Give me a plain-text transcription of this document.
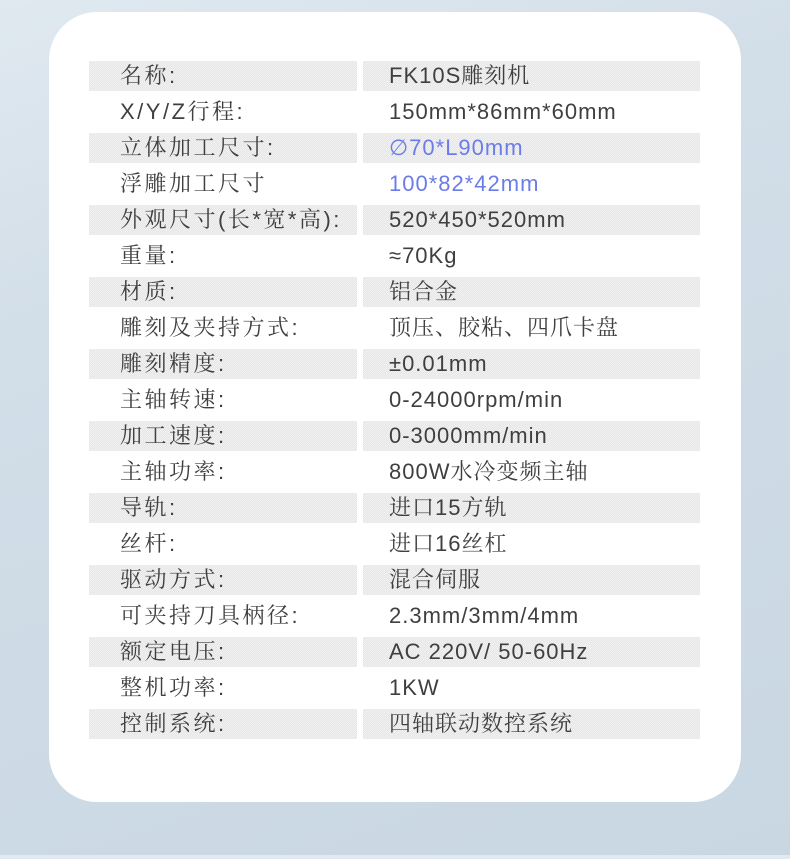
名称:	FK10S雕刻机
X/Y/Z行程:	150mm*86mm*60mm
立体加工尺寸:	∅70*L90mm
浮雕加工尺寸	100*82*42mm
外观尺寸(长*宽*高):	520*450*520mm
重量:	≈70Kg
材质:	铝合金
雕刻及夹持方式:	顶压、胶粘、四爪卡盘
雕刻精度:	±0.01mm
主轴转速:	0-24000rpm/min
加工速度:	0-3000mm/min
主轴功率:	800W水冷变频主轴
导轨:	进口15方轨
丝杆:	进口16丝杠
驱动方式:	混合伺服
可夹持刀具柄径:	2.3mm/3mm/4mm
额定电压:	AC 220V/ 50-60Hz
整机功率:	1KW
控制系统:	四轴联动数控系统
